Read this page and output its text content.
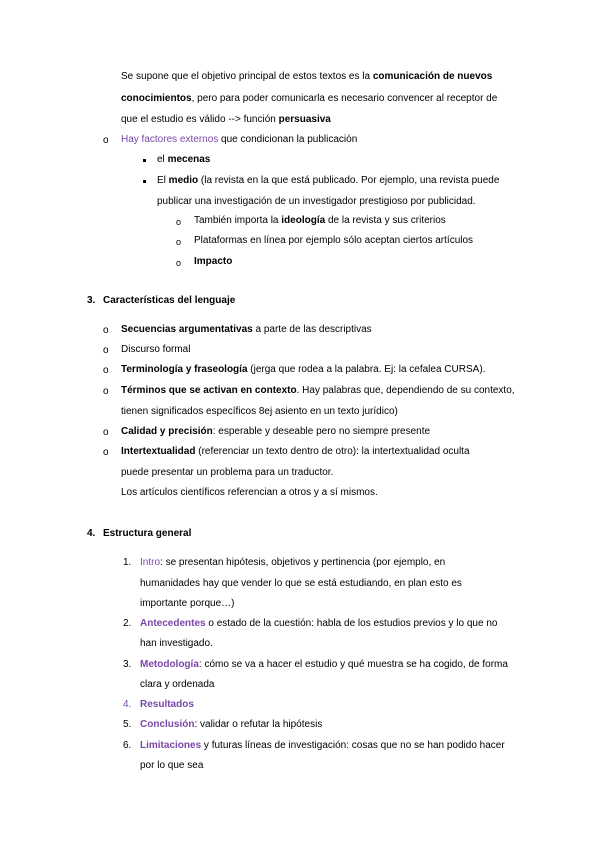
Se supone que el objetivo principal de estos textos es la comunicación de nuevos
conocimientos, pero para poder comunicarla es necesario convencer al receptor de
que el estudio es válido --> función persuasiva
o Hay factores externos que condicionan la publicación
el mecenas
El medio (la revista en la que está publicado. Por ejemplo, una revista puede
publicar una investigación de un investigador prestigioso por publicidad.
o También importa la ideología de la revista y sus criterios
o Plataformas en línea por ejemplo sólo aceptan ciertos artículos
o Impacto
3. Características del lenguaje
o Secuencias argumentativas a parte de las descriptivas
o Discurso formal
o Terminología y fraseología (jerga que rodea a la palabra. Ej: la cefalea CURSA).
o Términos que se activan en contexto. Hay palabras que, dependiendo de su contexto,
tienen significados específicos 8ej asiento en un texto jurídico)
o Calidad y precisión: esperable y deseable pero no siempre presente
o Intertextualidad (referenciar un texto dentro de otro): la intertextualidad oculta
puede presentar un problema para un traductor.
Los artículos científicos referencian a otros y a sí mismos.
4. Estructura general
1. Intro: se presentan hipótesis, objetivos y pertinencia (por ejemplo, en
humanidades hay que vender lo que se está estudiando, en plan esto es
importante porque…)
2. Antecedentes o estado de la cuestión: habla de los estudios previos y lo que no
han investigado.
3. Metodología: cómo se va a hacer el estudio y qué muestra se ha cogido, de forma
clara y ordenada
4. Resultados
5. Conclusión: validar o refutar la hipótesis
6. Limitaciones y futuras líneas de investigación: cosas que no se han podido hacer
por lo que sea
